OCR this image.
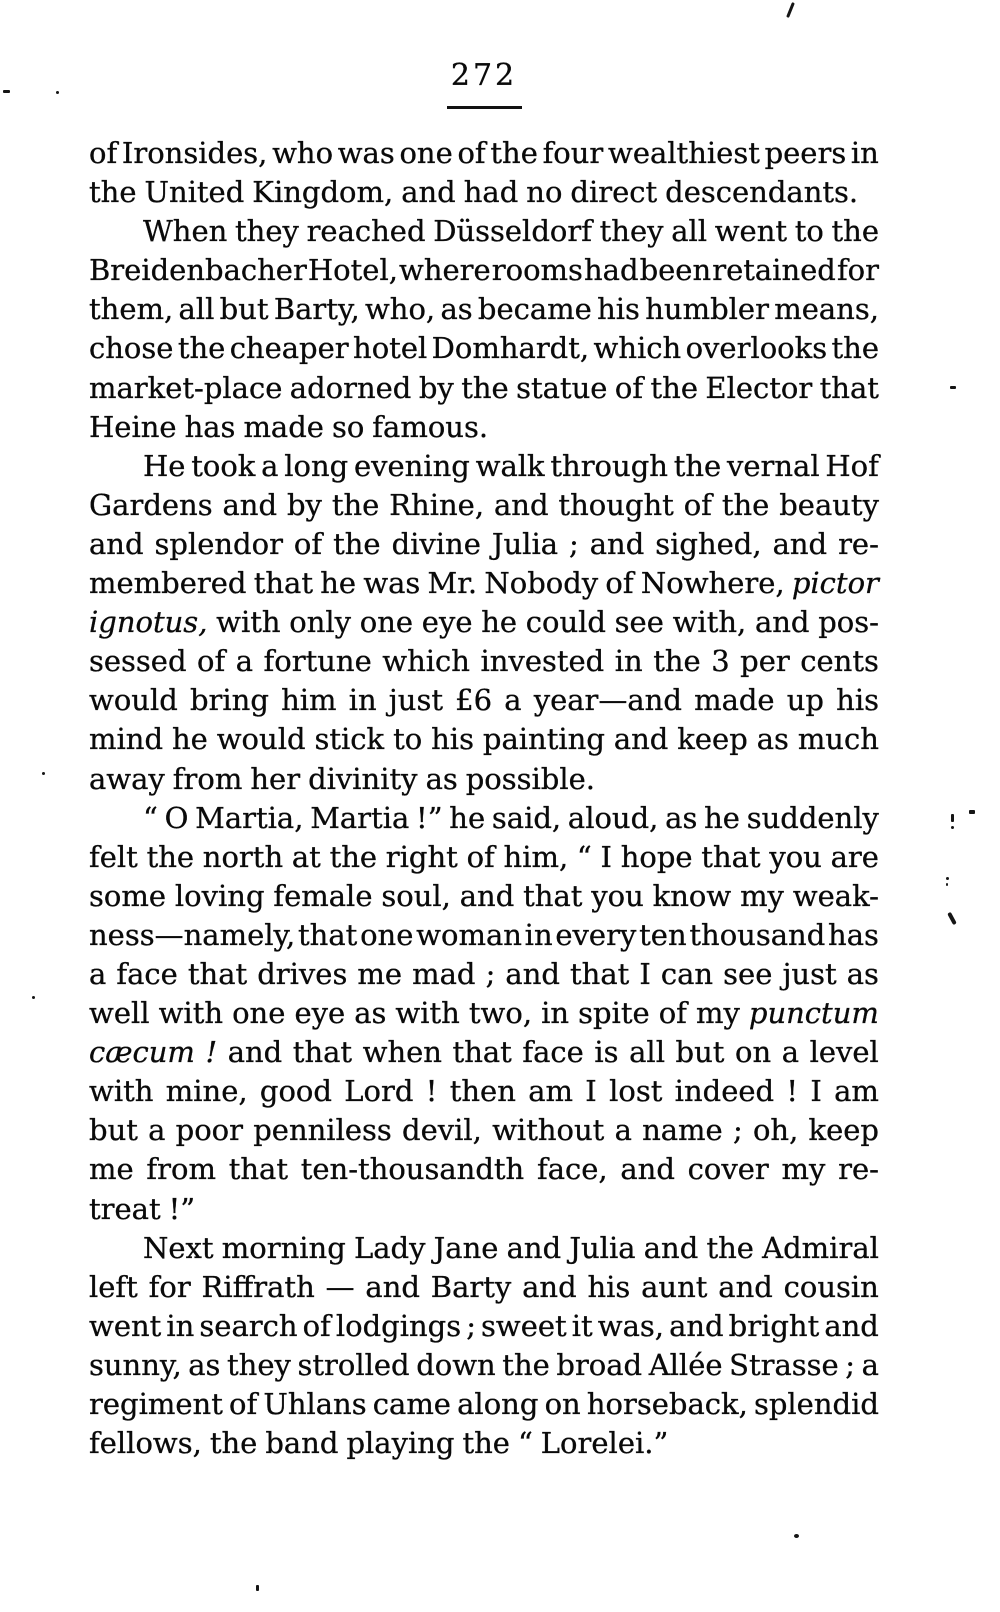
272
of Ironsides, who was one of the four wealthiest peers in
the United Kingdom, and had no direct descendants.
When they reached Düsseldorf they all went to the
Breidenbacher Hotel, where rooms had been retained for
them, all but Barty, who, as became his humbler means,
chose the cheaper hotel Domhardt, which overlooks the
market-place adorned by the statue of the Elector that
Heine has made so famous.
He took a long evening walk through the vernal Hof
Gardens and by the Rhine, and thought of the beauty
and splendor of the divine Julia ; and sighed, and re-
membered that he was Mr. Nobody of Nowhere, pictor
ignotus, with only one eye he could see with, and pos-
sessed of a fortune which invested in the 3 per cents
would bring him in just £6 a year—and made up his
mind he would stick to his painting and keep as much
away from her divinity as possible.
“ O Martia, Martia !” he said, aloud, as he suddenly
felt the north at the right of him, “ I hope that you are
some loving female soul, and that you know my weak-
ness—namely, that one woman in every ten thousand has
a face that drives me mad ; and that I can see just as
well with one eye as with two, in spite of my punctum
cæcum ! and that when that face is all but on a level
with mine, good Lord ! then am I lost indeed ! I am
but a poor penniless devil, without a name ; oh, keep
me from that ten-thousandth face, and cover my re-
treat !”
Next morning Lady Jane and Julia and the Admiral
left for Riffrath — and Barty and his aunt and cousin
went in search of lodgings ; sweet it was, and bright and
sunny, as they strolled down the broad Allée Strasse ; a
regiment of Uhlans came along on horseback, splendid
fellows, the band playing the “ Lorelei.”
